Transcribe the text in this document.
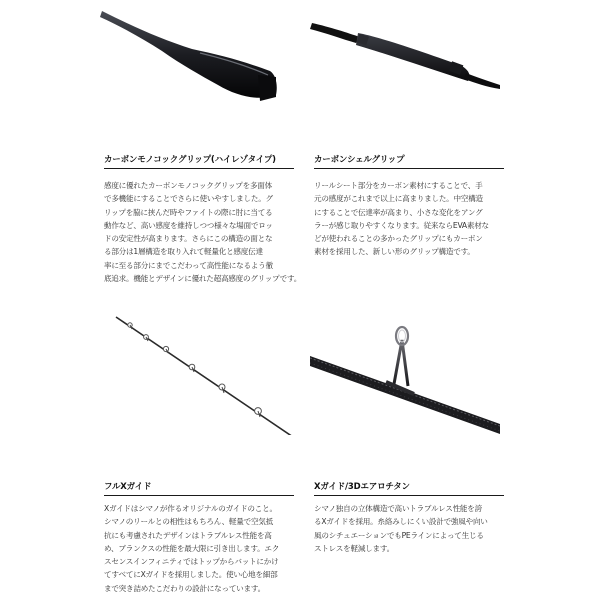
カーボンモノコックグリップ(ハイレゾタイプ)
感度に優れたカーボンモノコックグリップを多面体
で多機能にすることでさらに使いやすしました。グ
リップを脇に挟んだ時やファイトの際に肘に当てる
動作など、高い感度を維持しつつ様々な場面でロッ
ドの安定性が高まります。さらにこの構造の面とな
る部分は1層構造を取り入れて軽量化と感度伝達
率に至る部分にまでこだわって高性能になるよう徹
底追求。機能とデザインに優れた超高感度のグリップです。
カーボンシェルグリップ
リールシート部分をカーボン素材にすることで、手
元の感度がこれまで以上に高まりました。中空構造
にすることで伝達率が高まり、小さな変化をアング
ラーが感じ取りやすくなります。従来ならEVA素材な
どが使われることの多かったグリップにもカーボン
素材を採用した、新しい形のグリップ構造です。
フルXガイド
Xガイドはシマノが作るオリジナルのガイドのこと。
シマノのリールとの相性はもちろん、軽量で空気抵
抗にも考慮されたデザインはトラブルレス性能を高
め、ブランクスの性能を最大限に引き出します。エク
スセンスインフィニティではトップからバットにかけ
てすべてにXガイドを採用しました。使い心地を細部
まで突き詰めたこだわりの設計になっています。
Xガイド/3Dエアロチタン
シマノ独自の立体構造で高いトラブルレス性能を誇
るXガイドを採用。糸絡みしにくい設計で強風や向い
風のシチュエーションでもPEラインによって生じる
ストレスを軽減します。
